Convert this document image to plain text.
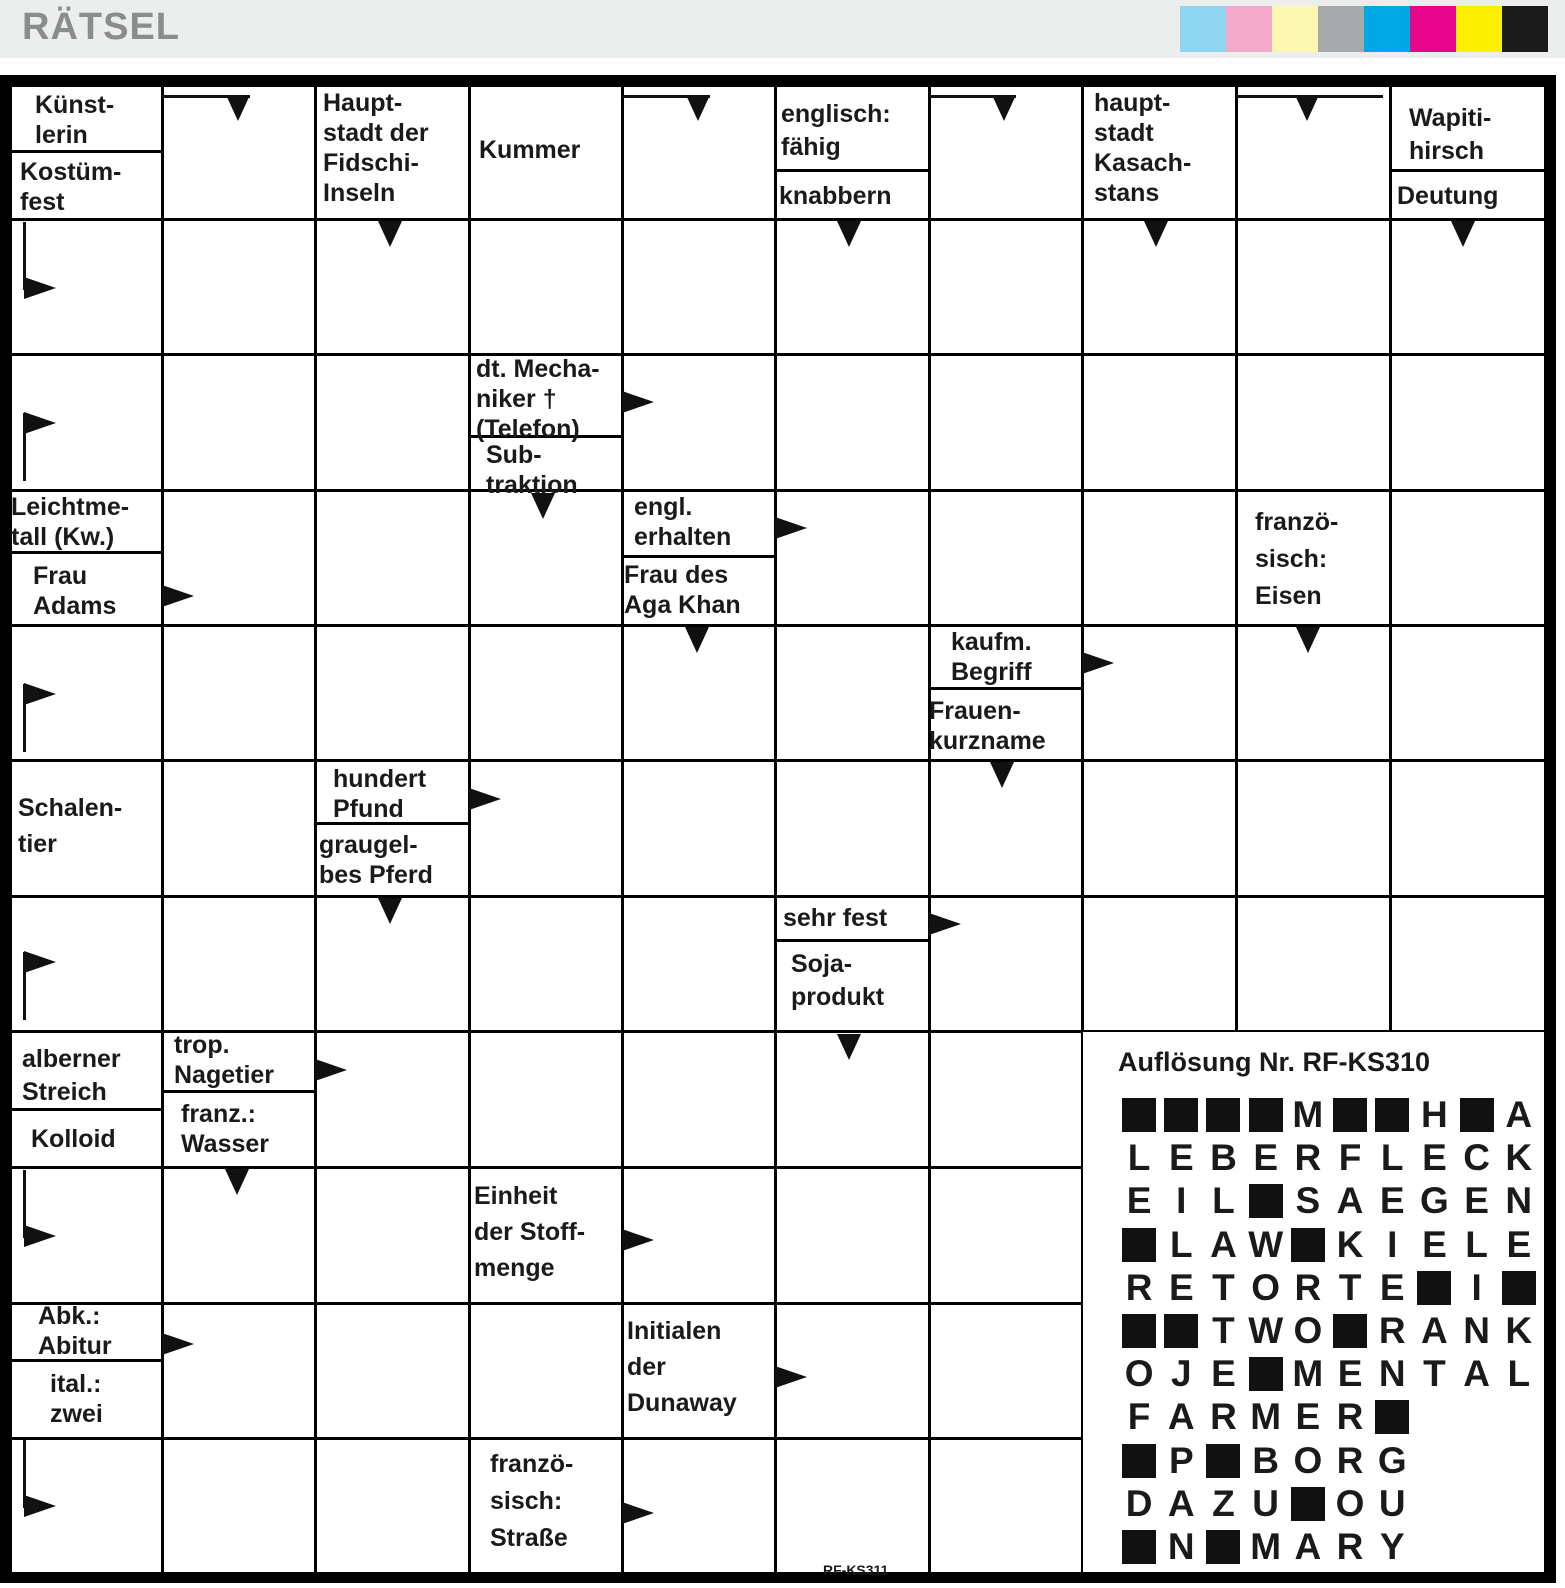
RÄTSEL
Künst-
lerin
Kostüm-
fest
Haupt-
stadt der
Fidschi-
Inseln
Kummer
englisch:
fähig
knabbern
haupt-
stadt
Kasach-
stans
Wapiti-
hirsch
Deutung
dt. Mecha-
niker †
(Telefon)
Sub-
traktion
Leichtme-
tall (Kw.)
Frau
Adams
engl.
erhalten
Frau des
Aga Khan
franzö-
sisch:
Eisen
kaufm.
Begriff
Frauen-
kurzname
Schalen-
tier
hundert
Pfund
graugel-
bes Pferd
sehr fest
Soja-
produkt
alberner
Streich
Kolloid
trop.
Nagetier
franz.:
Wasser
Einheit
der Stoff-
menge
Abk.:
Abitur
ital.:
zwei
Initialen
der
Dunaway
franzö-
sisch:
Straße
Auflösung Nr. RF-KS310
M	H A
L E B E R F L E C K
E I L S A E G E N
L A W K I E L E
R E T O R T E	I
T W O R A N K
O J E M E N T A L
F A R M E R
P B O R G
D A Z U O U
N M A R Y
RF-KS311
